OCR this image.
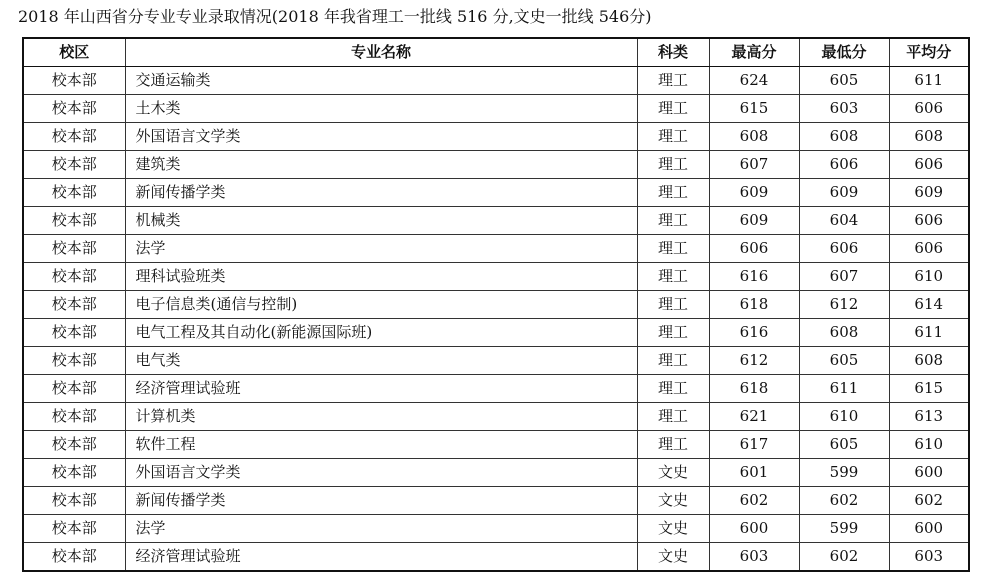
2018 年山西省分专业专业录取情况(2018 年我省理工一批线 516 分,文史一批线 546分)
校区	专业名称	科类	最高分	最低分	平均分
校本部	交通运输类	理工	624	605	611
校本部	土木类	理工	615	603	606
校本部	外国语言文学类	理工	608	608	608
校本部	建筑类	理工	607	606	606
校本部	新闻传播学类	理工	609	609	609
校本部	机械类	理工	609	604	606
校本部	法学	理工	606	606	606
校本部	理科试验班类	理工	616	607	610
校本部	电子信息类(通信与控制)	理工	618	612	614
校本部	电气工程及其自动化(新能源国际班)	理工	616	608	611
校本部	电气类	理工	612	605	608
校本部	经济管理试验班	理工	618	611	615
校本部	计算机类	理工	621	610	613
校本部	软件工程	理工	617	605	610
校本部	外国语言文学类	文史	601	599	600
校本部	新闻传播学类	文史	602	602	602
校本部	法学	文史	600	599	600
校本部	经济管理试验班	文史	603	602	603
